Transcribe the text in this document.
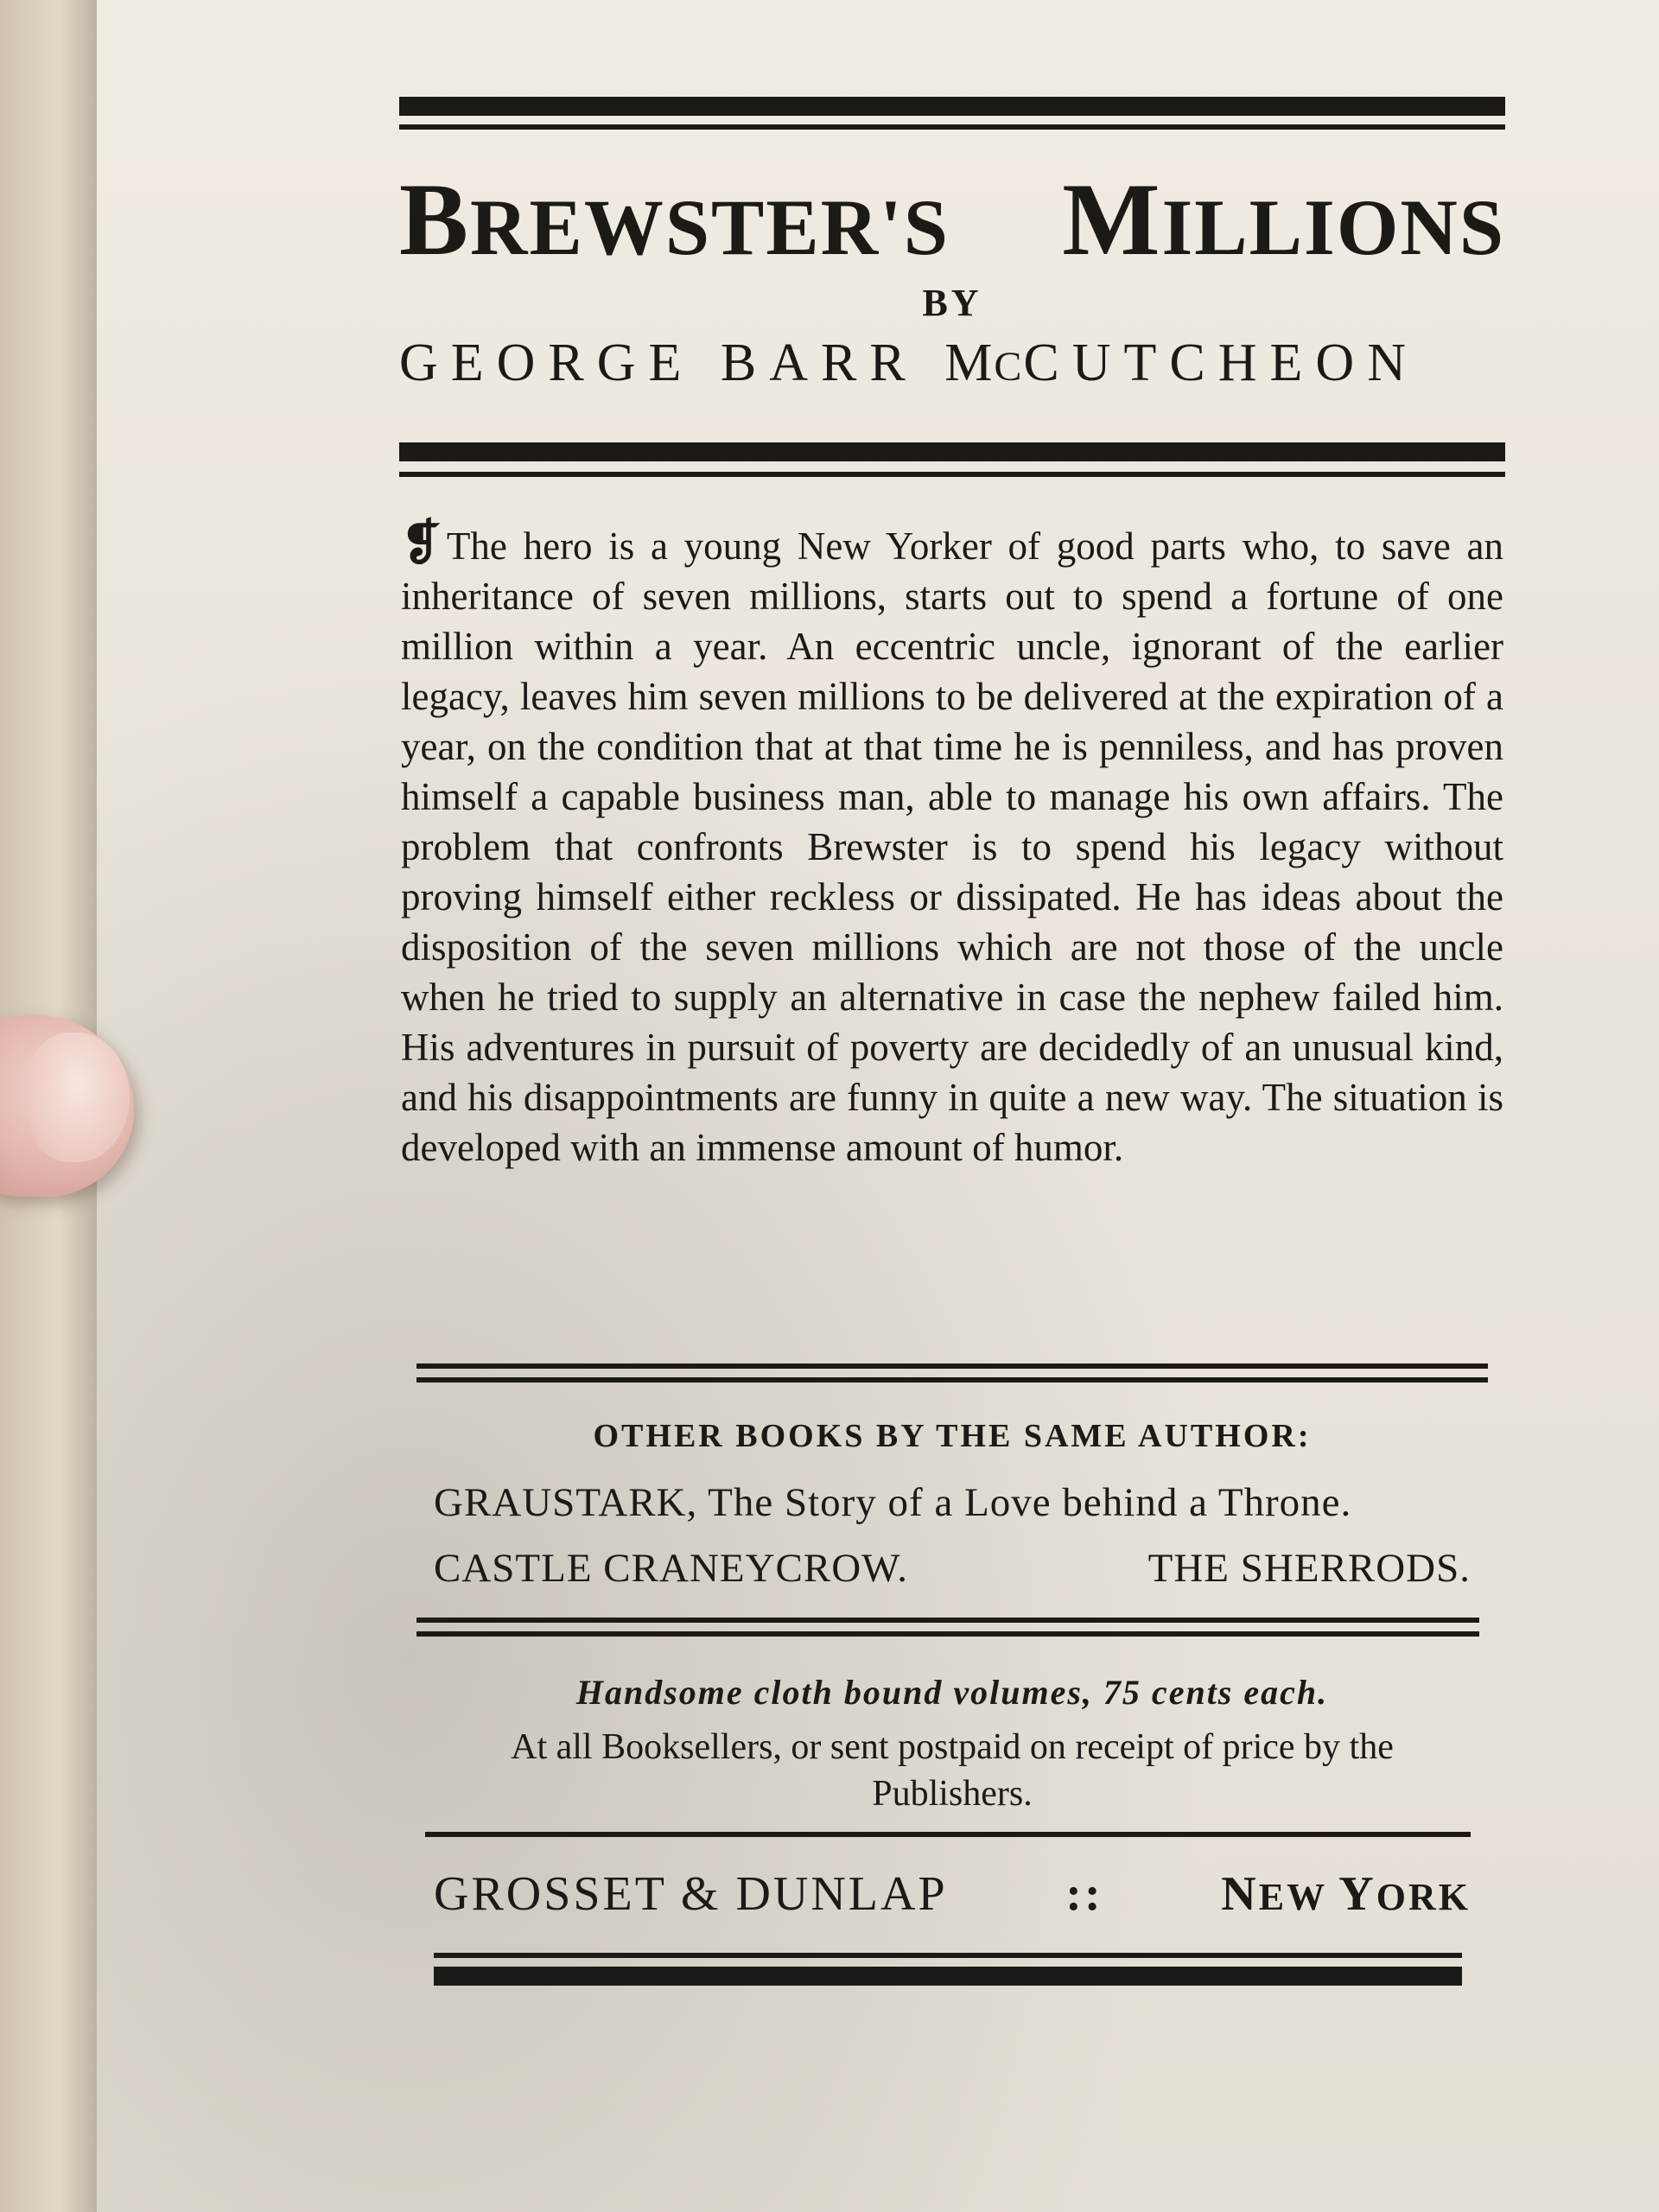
BREWSTER'S MILLIONS
BY
GEORGE BARR MCCUTCHEON

❡ The hero is a young New Yorker of good parts who, to save an inheritance of seven millions, starts out to spend a fortune of one million within a year. An eccentric uncle, ignorant of the earlier legacy, leaves him seven millions to be delivered at the expiration of a year, on the condition that at that time he is penniless, and has proven himself a capable business man, able to manage his own affairs. The problem that confronts Brewster is to spend his legacy without proving himself either reckless or dissipated. He has ideas about the disposition of the seven millions which are not those of the uncle when he tried to supply an alternative in case the nephew failed him. His adventures in pursuit of poverty are decidedly of an unusual kind, and his disappointments are funny in quite a new way. The situation is developed with an immense amount of humor.

OTHER BOOKS BY THE SAME AUTHOR:
GRAUSTARK, The Story of a Love behind a Throne.
CASTLE CRANEYCROW.	THE SHERRODS.
Handsome cloth bound volumes, 75 cents each.
At all Booksellers, or sent postpaid on receipt of price by the Publishers.
GROSSET & DUNLAP :: NEW YORK
